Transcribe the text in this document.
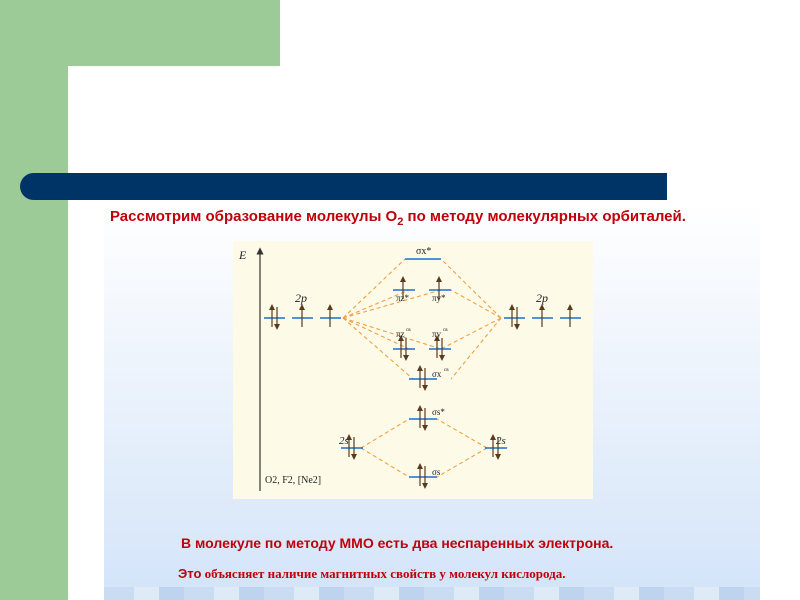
Рассмотрим образование молекулы $O_2$ по методу молекулярных орбиталей.
E
2p	2p
σx*
πz*	πy*
πz св πy св
σx св
σs*
2s	2s
σs
O2, F2, [Ne2]
В молекуле по методу ММО есть два неспаренных электрона.
Это объясняет наличие магнитных свойств у молекул кислорода.
